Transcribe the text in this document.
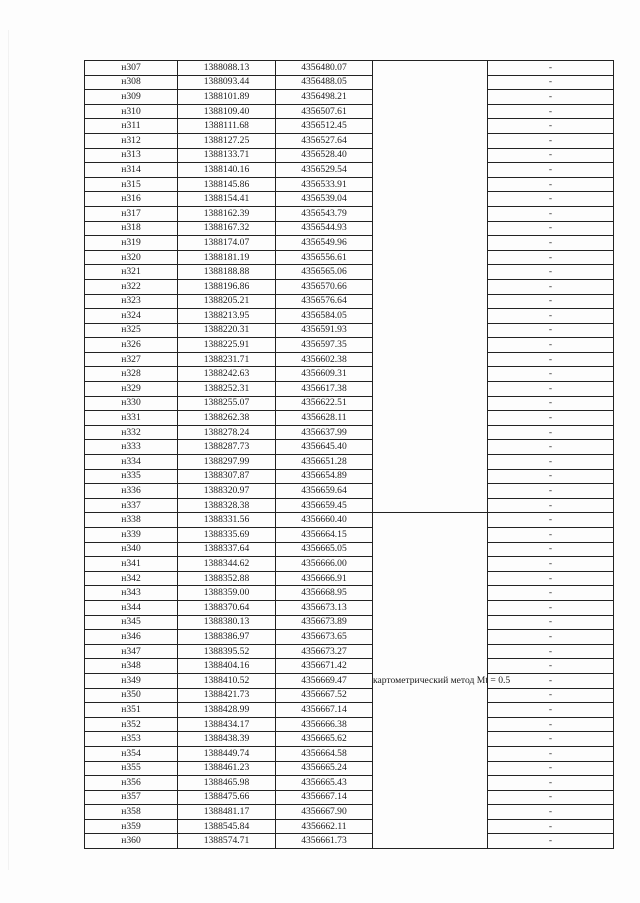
н307	1388088.13	4356480.07		-
н308	1388093.44	4356488.05		-
н309	1388101.89	4356498.21		-
н310	1388109.40	4356507.61		-
н311	1388111.68	4356512.45		-
н312	1388127.25	4356527.64		-
н313	1388133.71	4356528.40		-
н314	1388140.16	4356529.54		-
н315	1388145.86	4356533.91		-
н316	1388154.41	4356539.04		-
н317	1388162.39	4356543.79		-
н318	1388167.32	4356544.93		-
н319	1388174.07	4356549.96		-
н320	1388181.19	4356556.61		-
н321	1388188.88	4356565.06		-
н322	1388196.86	4356570.66		-
н323	1388205.21	4356576.64		-
н324	1388213.95	4356584.05		-
н325	1388220.31	4356591.93		-
н326	1388225.91	4356597.35		-
н327	1388231.71	4356602.38		-
н328	1388242.63	4356609.31		-
н329	1388252.31	4356617.38		-
н330	1388255.07	4356622.51		-
н331	1388262.38	4356628.11		-
н332	1388278.24	4356637.99		-
н333	1388287.73	4356645.40		-
н334	1388297.99	4356651.28		-
н335	1388307.87	4356654.89		-
н336	1388320.97	4356659.64		-
н337	1388328.38	4356659.45		-
н338	1388331.56	4356660.40	картометрический метод Mt = 0.5	-
н339	1388335.69	4356664.15		-
н340	1388337.64	4356665.05		-
н341	1388344.62	4356666.00		-
н342	1388352.88	4356666.91		-
н343	1388359.00	4356668.95		-
н344	1388370.64	4356673.13		-
н345	1388380.13	4356673.89		-
н346	1388386.97	4356673.65		-
н347	1388395.52	4356673.27		-
н348	1388404.16	4356671.42		-
н349	1388410.52	4356669.47		-
н350	1388421.73	4356667.52		-
н351	1388428.99	4356667.14		-
н352	1388434.17	4356666.38		-
н353	1388438.39	4356665.62		-
н354	1388449.74	4356664.58		-
н355	1388461.23	4356665.24		-
н356	1388465.98	4356665.43		-
н357	1388475.66	4356667.14		-
н358	1388481.17	4356667.90		-
н359	1388545.84	4356662.11		-
н360	1388574.71	4356661.73		-
